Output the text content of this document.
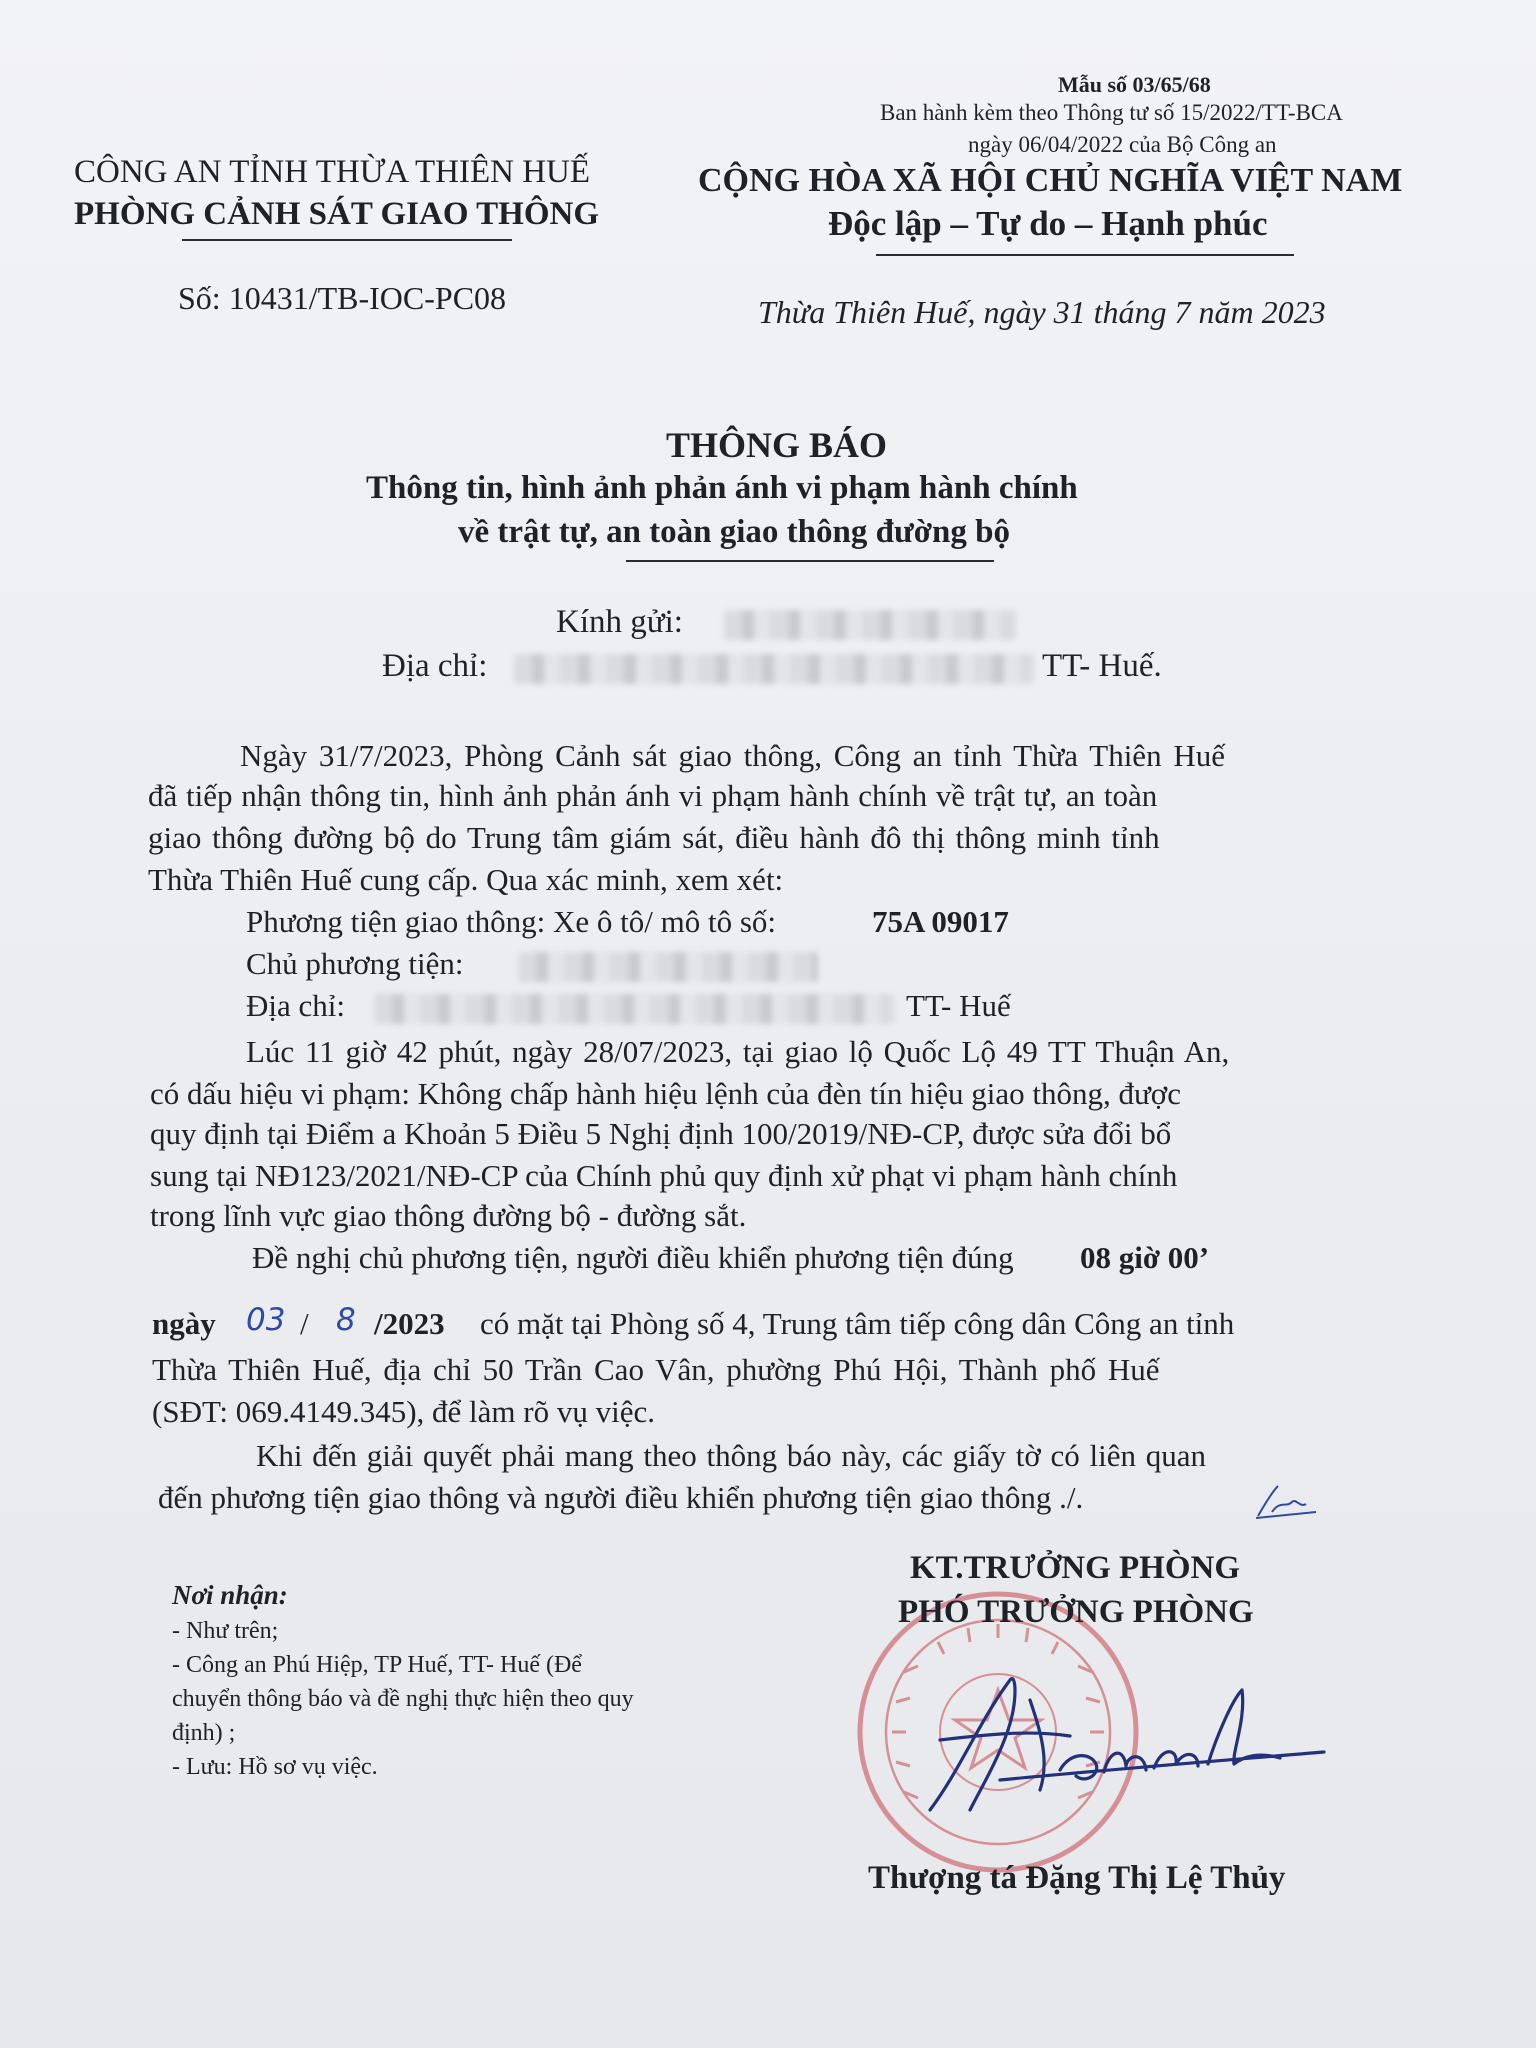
Mẫu số 03/65/68
Ban hành kèm theo Thông tư số 15/2022/TT-BCA
ngày 06/04/2022 của Bộ Công an
CÔNG AN TỈNH THỪA THIÊN HUẾ
PHÒNG CẢNH SÁT GIAO THÔNG
Số: 10431/TB-IOC-PC08
CỘNG HÒA XÃ HỘI CHỦ NGHĨA VIỆT NAM
Độc lập – Tự do – Hạnh phúc
Thừa Thiên Huế, ngày 31 tháng 7 năm 2023
THÔNG BÁO
Thông tin, hình ảnh phản ánh vi phạm hành chính
về trật tự, an toàn giao thông đường bộ
Kính gửi:
Địa chỉ:	TT- Huế.
Ngày 31/7/2023, Phòng Cảnh sát giao thông, Công an tỉnh Thừa Thiên Huế
đã tiếp nhận thông tin, hình ảnh phản ánh vi phạm hành chính về trật tự, an toàn
giao thông đường bộ do Trung tâm giám sát, điều hành đô thị thông minh tỉnh
Thừa Thiên Huế cung cấp. Qua xác minh, xem xét:
Phương tiện giao thông: Xe ô tô/ mô tô số:	75A 09017
Chủ phương tiện:
Địa chỉ:	TT- Huế
Lúc 11 giờ 42 phút, ngày 28/07/2023, tại giao lộ Quốc Lộ 49 TT Thuận An,
có dấu hiệu vi phạm: Không chấp hành hiệu lệnh của đèn tín hiệu giao thông, được
quy định tại Điểm a Khoản 5 Điều 5 Nghị định 100/2019/NĐ-CP, được sửa đổi bổ
sung tại NĐ123/2021/NĐ-CP của Chính phủ quy định xử phạt vi phạm hành chính
trong lĩnh vực giao thông đường bộ - đường sắt.
Đề nghị chủ phương tiện, người điều khiển phương tiện đúng 08 giờ 00’
ngày 03 / 8 /2023 có mặt tại Phòng số 4, Trung tâm tiếp công dân Công an tỉnh
Thừa Thiên Huế, địa chỉ 50 Trần Cao Vân, phường Phú Hội, Thành phố Huế
(SĐT: 069.4149.345), để làm rõ vụ việc.
Khi đến giải quyết phải mang theo thông báo này, các giấy tờ có liên quan
đến phương tiện giao thông và người điều khiển phương tiện giao thông ./.
Nơi nhận:
- Như trên;
- Công an Phú Hiệp, TP Huế, TT- Huế (Để
chuyển thông báo và đề nghị thực hiện theo quy
định) ;
- Lưu: Hồ sơ vụ việc.
KT.TRƯỞNG PHÒNG
PHÓ TRƯỞNG PHÒNG
Thượng tá Đặng Thị Lệ Thủy
